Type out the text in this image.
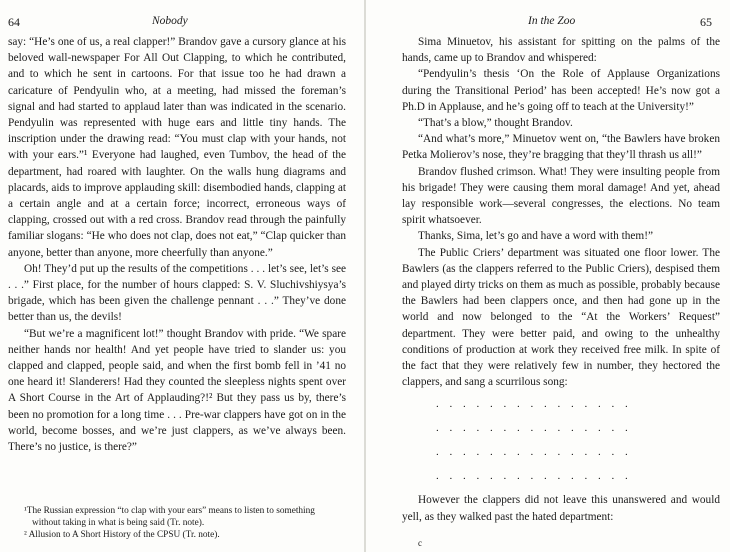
64	Nobody

say: “He’s one of us, a real clapper!” Brandov gave a cursory glance at his beloved wall-newspaper For All Out Clapping, to which he contributed, and to which he sent in cartoons. For that issue too he had drawn a caricature of Pendyulin who, at a meeting, had missed the foreman’s signal and had started to applaud later than was indicated in the scenario. Pendyulin was represented with huge ears and little tiny hands. The inscription under the drawing read: “You must clap with your hands, not with your ears.”¹ Everyone had laughed, even Tumbov, the head of the department, had roared with laughter. On the walls hung diagrams and placards, aids to improve applauding skill: disembodied hands, clapping at a certain angle and at a certain force; incorrect, erroneous ways of clapping, crossed out with a red cross. Brandov read through the painfully familiar slogans: “He who does not clap, does not eat,” “Clap quicker than anyone, better than anyone, more cheerfully than anyone.”

Oh! They’d put up the results of the competitions . . . let’s see, let’s see . . .” First place, for the number of hours clapped: S. V. Sluchivshiysya’s brigade, which has been given the challenge pennant . . .” They’ve done better than us, the devils!

“But we’re a magnificent lot!” thought Brandov with pride. “We spare neither hands nor health! And yet people have tried to slander us: you clapped and clapped, people said, and when the first bomb fell in ’41 no one heard it! Slanderers! Had they counted the sleepless nights spent over A Short Course in the Art of Applauding?!² But they pass us by, there’s been no promotion for a long time . . . Pre-war clappers have got on in the world, become bosses, and we’re just clappers, as we’ve always been. There’s no justice, is there?”

¹The Russian expression “to clap with your ears” means to listen to something without taking in what is being said (Tr. note).

² Allusion to A Short History of the CPSU (Tr. note).

In the Zoo	65

Sima Minuetov, his assistant for spitting on the palms of the hands, came up to Brandov and whispered:

“Pendyulin’s thesis ‘On the Role of Applause Organizations during the Transitional Period’ has been accepted! He’s now got a Ph.D in Applause, and he’s going off to teach at the University!”

“That’s a blow,” thought Brandov.

“And what’s more,” Minuetov went on, “the Bawlers have broken Petka Molierov’s nose, they’re bragging that they’ll thrash us all!”

Brandov flushed crimson. What! They were insulting people from his brigade! They were causing them moral damage! And yet, ahead lay responsible work—several congresses, the elections. No team spirit whatsoever.

Thanks, Sima, let’s go and have a word with them!”

The Public Criers’ department was situated one floor lower. The Bawlers (as the clappers referred to the Public Criers), despised them and played dirty tricks on them as much as possible, probably because the Bawlers had been clappers once, and then had gone up in the world and now belonged to the “At the Workers’ Request” department. They were better paid, and owing to the unhealthy conditions of production at work they received free milk. In spite of the fact that they were relatively few in number, they hectored the clappers, and sang a scurrilous song:

. . . . . . . . . . . . . . .

. . . . . . . . . . . . . . .

. . . . . . . . . . . . . . .

. . . . . . . . . . . . . . .

However the clappers did not leave this unanswered and would yell, as they walked past the hated department:

c
